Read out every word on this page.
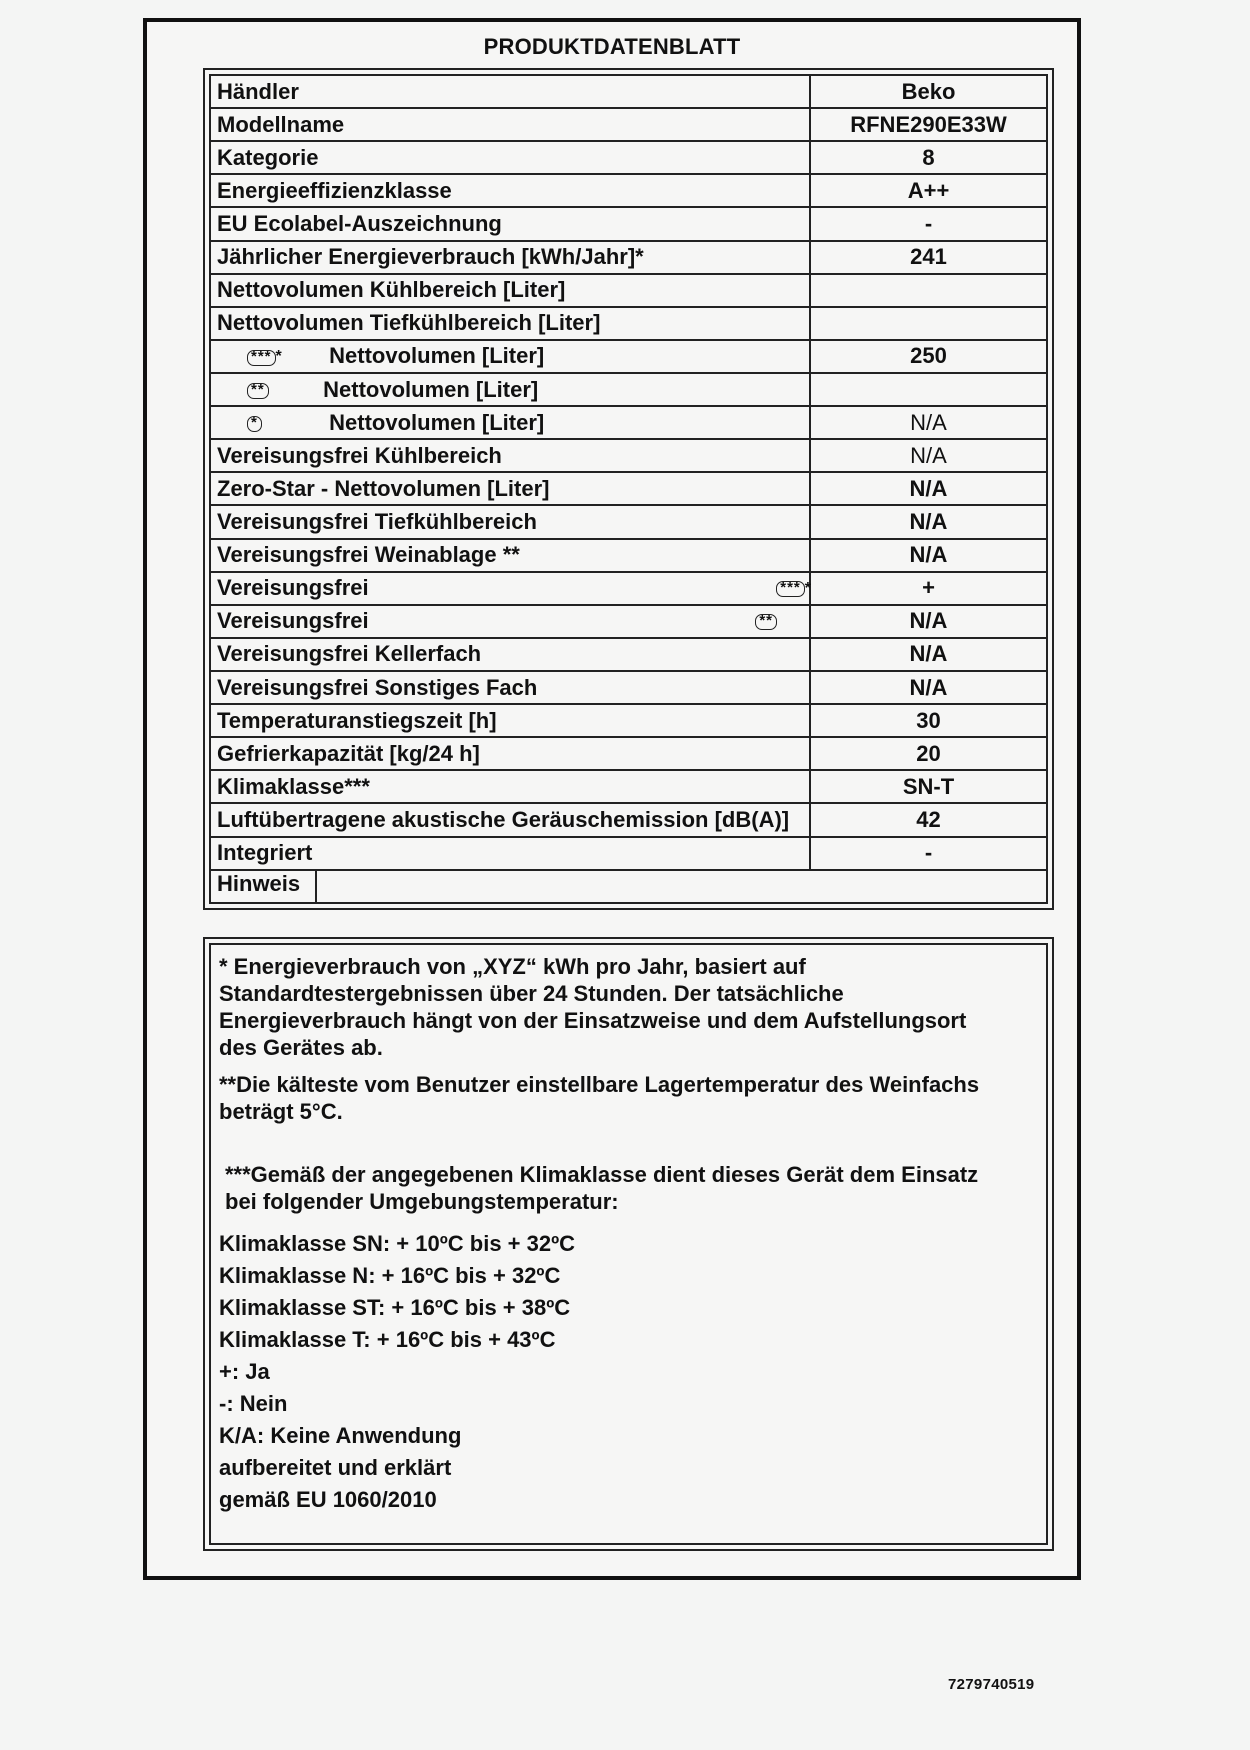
PRODUKTDATENBLATT
Händler	Beko
Modellname	RFNE290E33W
Kategorie	8
Energieeffizienzklasse	A++
EU Ecolabel-Auszeichnung	-
Jährlicher Energieverbrauch [kWh/Jahr]*	241
Nettovolumen Kühlbereich [Liter]	
Nettovolumen Tiefkühlbereich [Liter]	
*** * Nettovolumen [Liter]	250
** Nettovolumen [Liter]	
* Nettovolumen [Liter]	N/A
Vereisungsfrei Kühlbereich	N/A
Zero-Star - Nettovolumen [Liter]	N/A
Vereisungsfrei Tiefkühlbereich	N/A
Vereisungsfrei Weinablage **	N/A

Vereisungsfrei *** *	+

Vereisungsfrei **	N/A
Vereisungsfrei Kellerfach	N/A
Vereisungsfrei Sonstiges Fach	N/A
Temperaturanstiegszeit [h]	30
Gefrierkapazität [kg/24 h]	20
Klimaklasse***	SN-T
Luftübertragene akustische Geräuschemission [dB(A)]	42
Integriert	-

Hinweis	

* Energieverbrauch von „XYZ“ kWh pro Jahr, basiert auf
Standardtestergebnissen über 24 Stunden. Der tatsächliche
Energieverbrauch hängt von der Einsatzweise und dem Aufstellungsort
des Gerätes ab.

**Die kälteste vom Benutzer einstellbare Lagertemperatur des Weinfachs
beträgt 5°C.

***Gemäß der angegebenen Klimaklasse dient dieses Gerät dem Einsatz
bei folgender Umgebungstemperatur:

Klimaklasse SN: + 10ºC bis + 32ºC

Klimaklasse N: + 16ºC bis + 32ºC

Klimaklasse ST: + 16ºC bis + 38ºC

Klimaklasse T: + 16ºC bis + 43ºC

+: Ja

-: Nein

K/A: Keine Anwendung

aufbereitet und erklärt

gemäß EU 1060/2010

7279740519
